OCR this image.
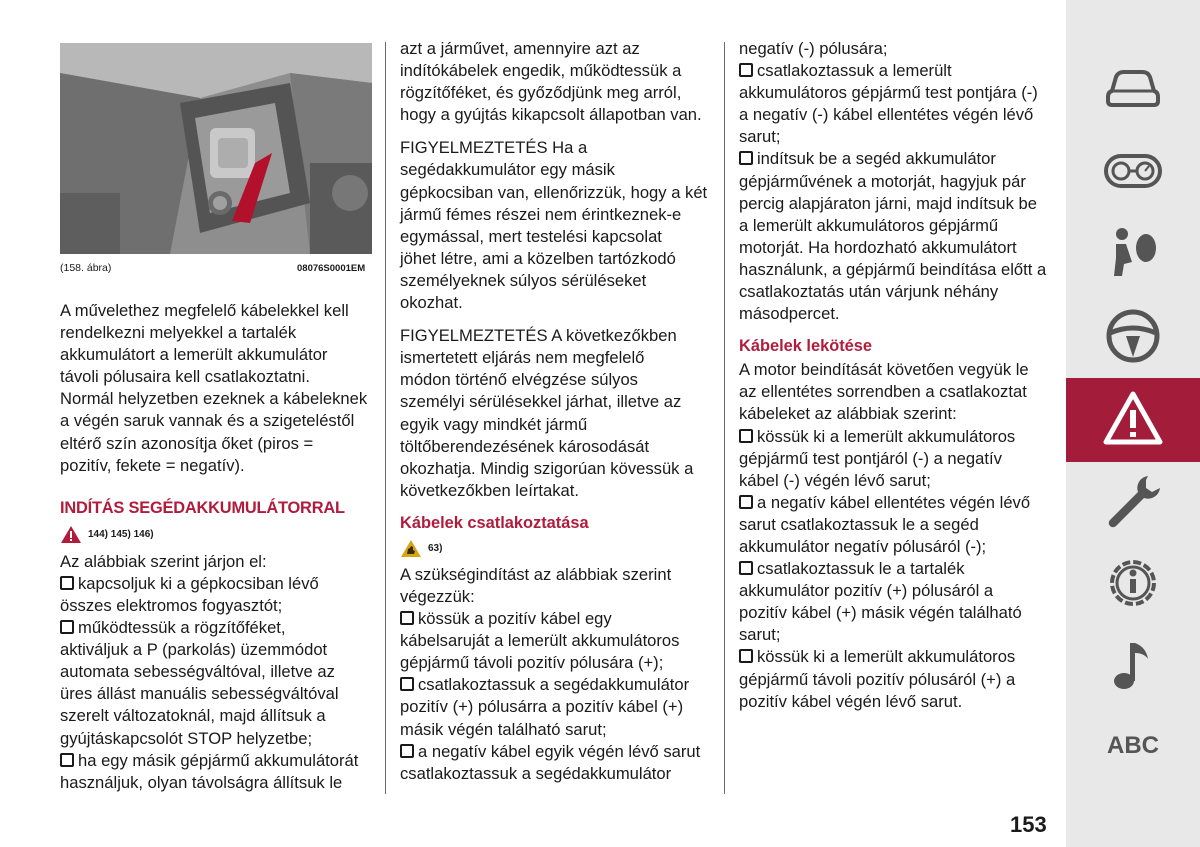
(158. ábra)	08076S0001EM

A művelethez megfelelő kábelekkel kell

rendelkezni melyekkel a tartalék

akkumulátort a lemerült akkumulátor

távoli pólusaira kell csatlakoztatni.

Normál helyzetben ezeknek a kábeleknek

a végén saruk vannak és a szigeteléstől

eltérő szín azonosítja őket (piros =

pozitív, fekete = negatív).

INDÍTÁS SEGÉDAKKUMULÁTORRAL
144) 145) 146)

Az alábbiak szerint járjon el:

kapcsoljuk ki a gépkocsiban lévő

összes elektromos fogyasztót;

működtessük a rögzítőféket,

aktiváljuk a P (parkolás) üzemmódot

automata sebességváltóval, illetve az

üres állást manuális sebességváltóval

szerelt változatoknál, majd állítsuk a

gyújtáskapcsolót STOP helyzetbe;

ha egy másik gépjármű akkumulátorát

használjuk, olyan távolságra állítsuk le

azt a járművet, amennyire azt az

indítókábelek engedik, működtessük a

rögzítőféket, és győződjünk meg arról,

hogy a gyújtás kikapcsolt állapotban van.

FIGYELMEZTETÉS Ha a

segédakkumulátor egy másik

gépkocsiban van, ellenőrizzük, hogy a két

jármű fémes részei nem érintkeznek-e

egymással, mert testelési kapcsolat

jöhet létre, ami a közelben tartózkodó

személyeknek súlyos sérüléseket

okozhat.

FIGYELMEZTETÉS A következőkben

ismertetett eljárás nem megfelelő

módon történő elvégzése súlyos

személyi sérülésekkel járhat, illetve az

egyik vagy mindkét jármű

töltőberendezésének károsodását

okozhatja. Mindig szigorúan kövessük a

következőkben leírtakat.

Kábelek csatlakoztatása
63)

A szükségindítást az alábbiak szerint

végezzük:

kössük a pozitív kábel egy

kábelsaruját a lemerült akkumulátoros

gépjármű távoli pozitív pólusára (+);

csatlakoztassuk a segédakkumulátor

pozitív (+) pólusárra a pozitív kábel (+)

másik végén található sarut;

a negatív kábel egyik végén lévő sarut

csatlakoztassuk a segédakkumulátor

negatív (-) pólusára;

csatlakoztassuk a lemerült

akkumulátoros gépjármű test pontjára (-)

a negatív (-) kábel ellentétes végén lévő

sarut;

indítsuk be a segéd akkumulátor

gépjárművének a motorját, hagyjuk pár

percig alapjáraton járni, majd indítsuk be

a lemerült akkumulátoros gépjármű

motorját. Ha hordozható akkumulátort

használunk, a gépjármű beindítása előtt a

csatlakoztatás után várjunk néhány

másodpercet.

Kábelek lekötése

A motor beindítását követően vegyük le

az ellentétes sorrendben a csatlakoztat

kábeleket az alábbiak szerint:

kössük ki a lemerült akkumulátoros

gépjármű test pontjáról (-) a negatív

kábel (-) végén lévő sarut;

a negatív kábel ellentétes végén lévő

sarut csatlakoztassuk le a segéd

akkumulátor negatív pólusáról (-);

csatlakoztassuk le a tartalék

akkumulátor pozitív (+) pólusáról a

pozitív kábel (+) másik végén található

sarut;

kössük ki a lemerült akkumulátoros

gépjármű távoli pozitív pólusáról (+) a

pozitív kábel végén lévő sarut.

ABC
153
